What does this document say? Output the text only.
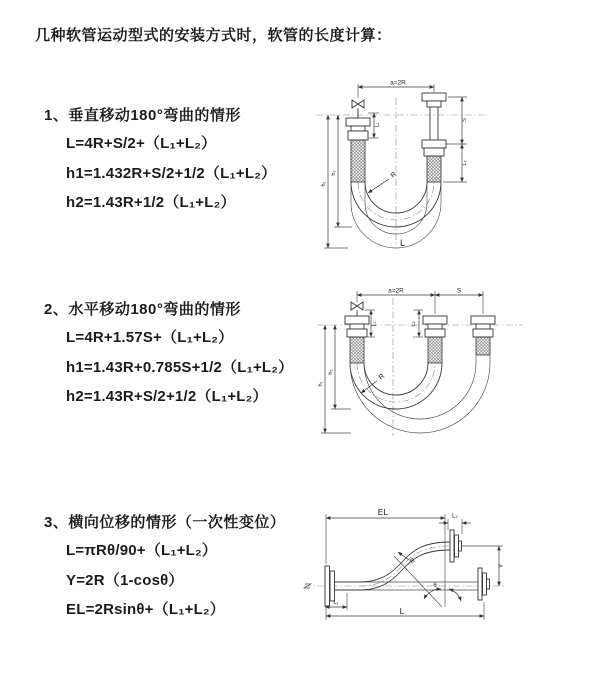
几种软管运动型式的安装方式时，软管的长度计算：
1、垂直移动180°弯曲的情形
L=4R+S/2+（L₁+L₂）
h1=1.432R+S/2+1/2（L₁+L₂）
h2=1.43R+1/2（L₁+L₂）
2、水平移动180°弯曲的情形
L=4R+1.57S+（L₁+L₂）
h1=1.43R+0.785S+1/2（L₁+L₂）
h2=1.43R+S/2+1/2（L₁+L₂）
3、横向位移的情形（一次性变位）
L=πRθ/90+（L₁+L₂）
Y=2R（1-cosθ）
EL=2Rsinθ+（L₁+L₂）
a=2R
L₁
S
L₂
h₁
h₂	R
L
a=2R	S
h₁
h₂
L₁	L₂
R
EL	L₂
Y
θ
R
L₁
L
